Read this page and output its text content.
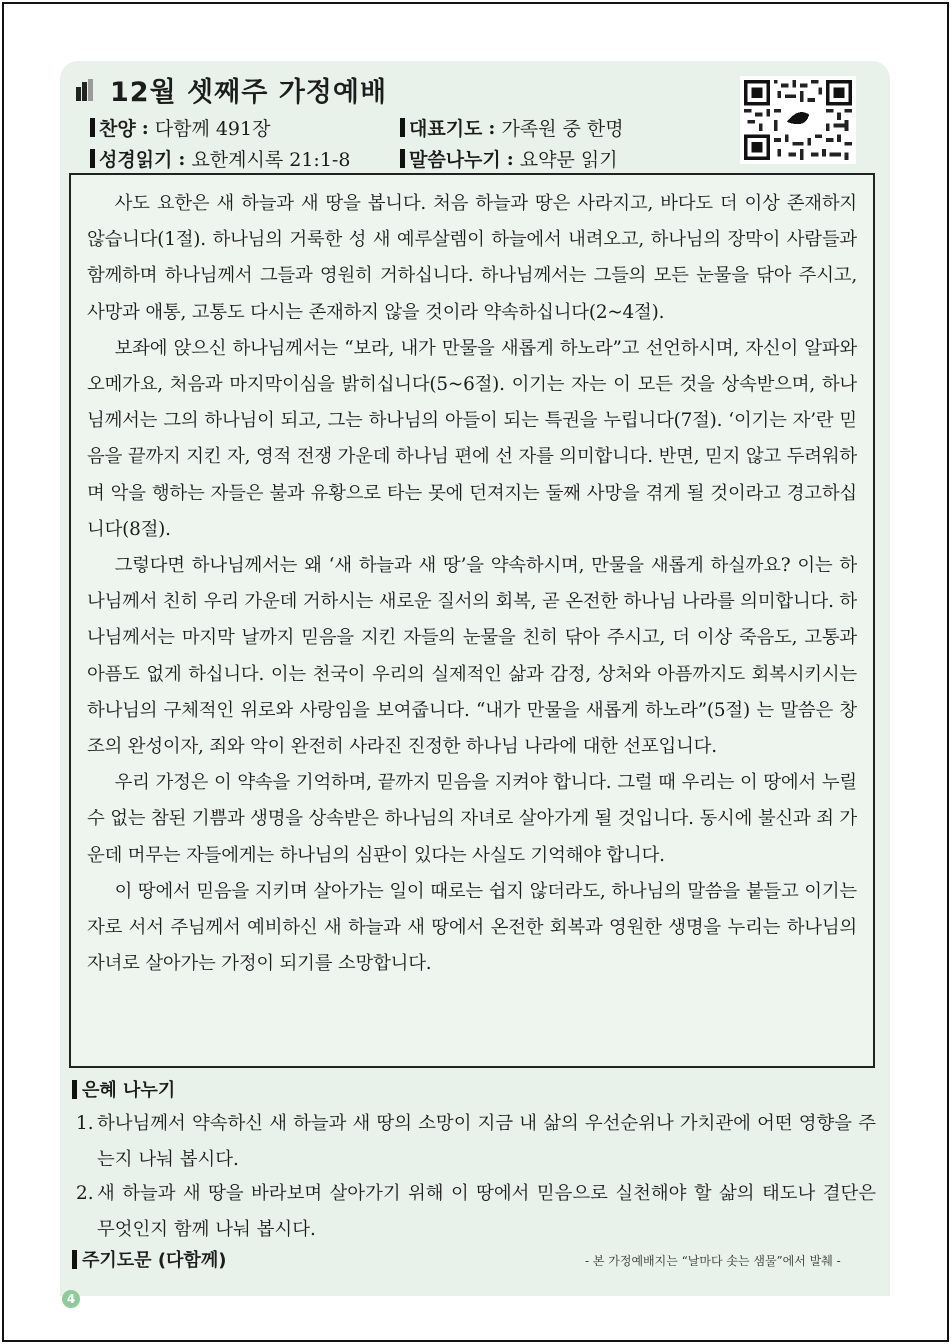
12월 셋째주 가정예배
찬양 : 다함께 491장	대표기도 : 가족원 중 한명
성경읽기 : 요한계시록 21:1-8	말씀나누기 : 요약문 읽기

사도 요한은 새 하늘과 새 땅을 봅니다. 처음 하늘과 땅은 사라지고, 바다도 더 이상 존재하지 않습니다(1절). 하나님의 거룩한 성 새 예루살렘이 하늘에서 내려오고, 하나님의 장막이 사람들과 함께하며 하나님께서 그들과 영원히 거하십니다. 하나님께서는 그들의 모든 눈물을 닦아 주시고, 사망과 애통, 고통도 다시는 존재하지 않을 것이라 약속하십니다(2~4절).

보좌에 앉으신 하나님께서는 “보라, 내가 만물을 새롭게 하노라”고 선언하시며, 자신이 알파와 오메가요, 처음과 마지막이심을 밝히십니다(5~6절). 이기는 자는 이 모든 것을 상속받으며, 하나님께서는 그의 하나님이 되고, 그는 하나님의 아들이 되는 특권을 누립니다(7절). ‘이기는 자’란 믿음을 끝까지 지킨 자, 영적 전쟁 가운데 하나님 편에 선 자를 의미합니다. 반면, 믿지 않고 두려워하며 악을 행하는 자들은 불과 유황으로 타는 못에 던져지는 둘째 사망을 겪게 될 것이라고 경고하십니다(8절).

그렇다면 하나님께서는 왜 ‘새 하늘과 새 땅’을 약속하시며, 만물을 새롭게 하실까요? 이는 하나님께서 친히 우리 가운데 거하시는 새로운 질서의 회복, 곧 온전한 하나님 나라를 의미합니다. 하나님께서는 마지막 날까지 믿음을 지킨 자들의 눈물을 친히 닦아 주시고, 더 이상 죽음도, 고통과 아픔도 없게 하십니다. 이는 천국이 우리의 실제적인 삶과 감정, 상처와 아픔까지도 회복시키시는 하나님의 구체적인 위로와 사랑임을 보여줍니다. “내가 만물을 새롭게 하노라”(5절) 는 말씀은 창조의 완성이자, 죄와 악이 완전히 사라진 진정한 하나님 나라에 대한 선포입니다.

우리 가정은 이 약속을 기억하며, 끝까지 믿음을 지켜야 합니다. 그럴 때 우리는 이 땅에서 누릴 수 없는 참된 기쁨과 생명을 상속받은 하나님의 자녀로 살아가게 될 것입니다. 동시에 불신과 죄 가운데 머무는 자들에게는 하나님의 심판이 있다는 사실도 기억해야 합니다.

이 땅에서 믿음을 지키며 살아가는 일이 때로는 쉽지 않더라도, 하나님의 말씀을 붙들고 이기는 자로 서서 주님께서 예비하신 새 하늘과 새 땅에서 온전한 회복과 영원한 생명을 누리는 하나님의 자녀로 살아가는 가정이 되기를 소망합니다.

은혜 나누기
1. 하나님께서 약속하신 새 하늘과 새 땅의 소망이 지금 내 삶의 우선순위나 가치관에 어떤 영향을 주는지 나눠 봅시다.
2. 새 하늘과 새 땅을 바라보며 살아가기 위해 이 땅에서 믿음으로 실천해야 할 삶의 태도나 결단은 무엇인지 함께 나눠 봅시다.
주기도문 (다함께)	- 본 가정예배지는 “날마다 솟는 샘물”에서 발췌 -
4
